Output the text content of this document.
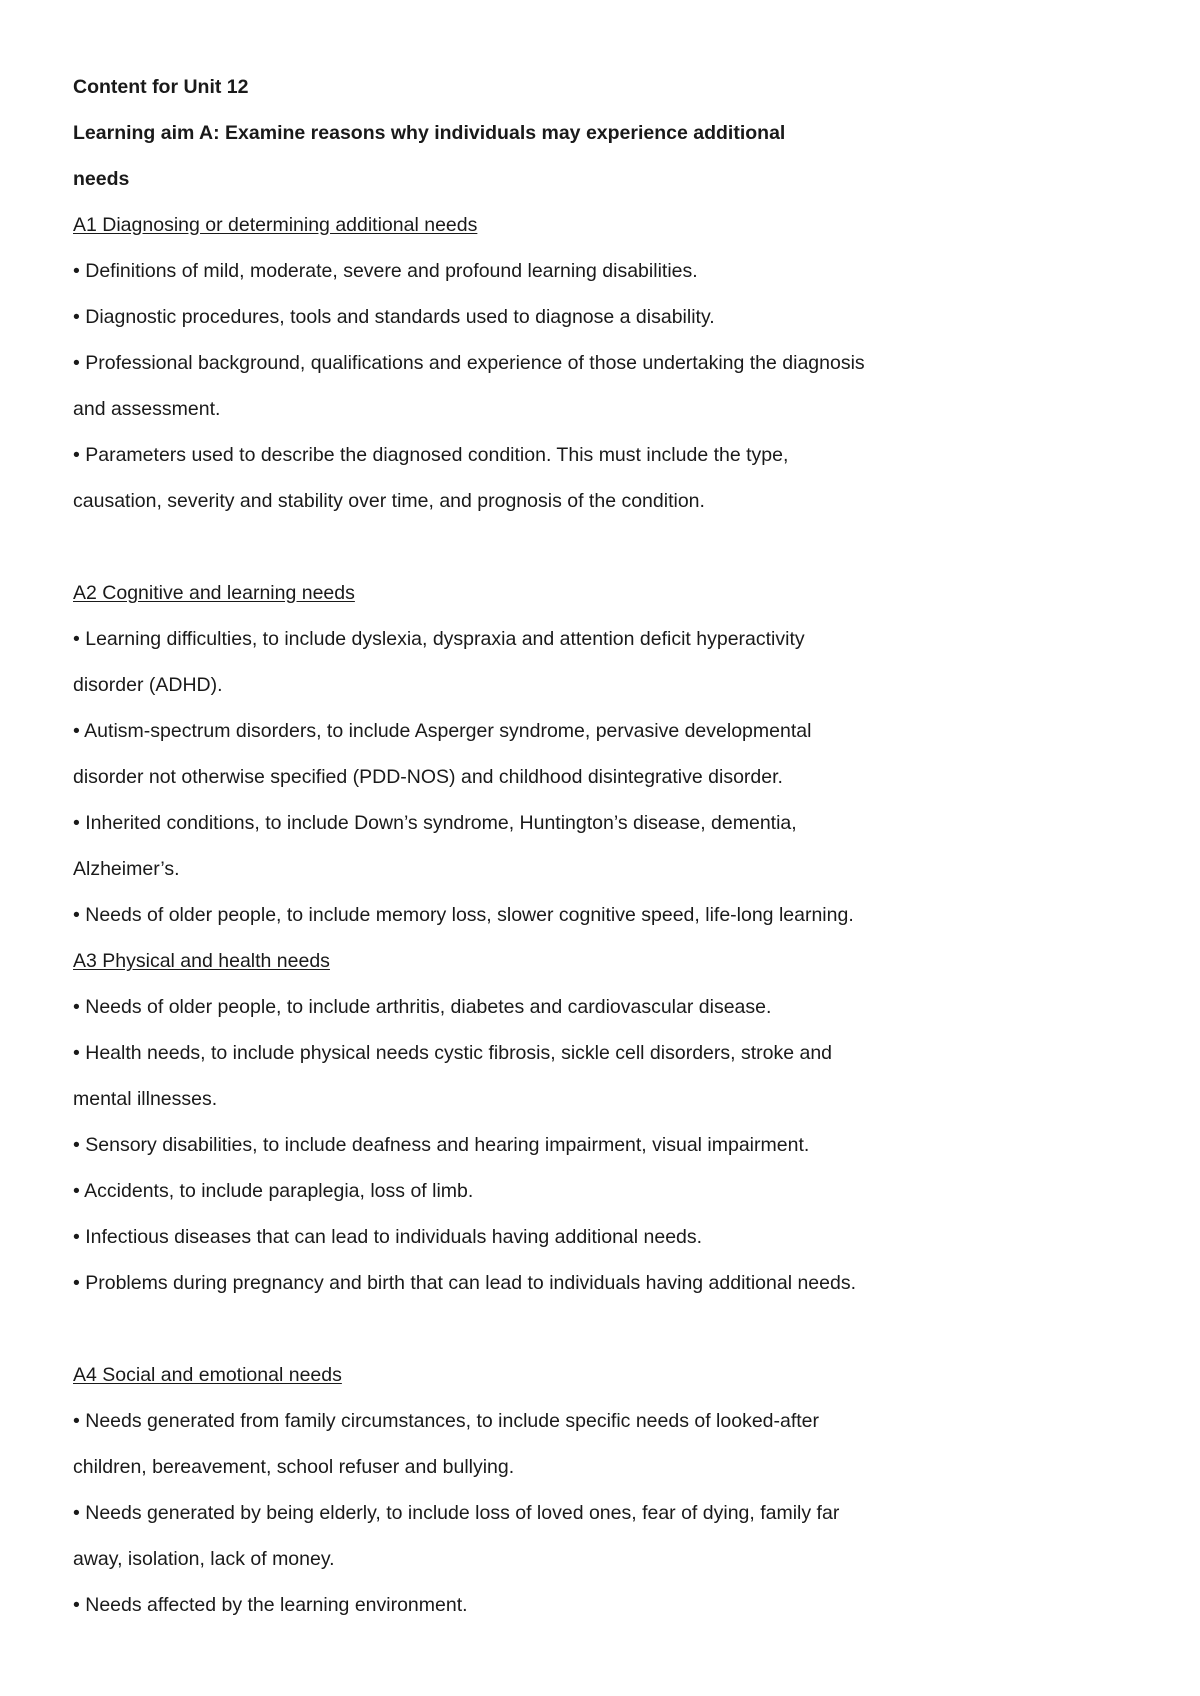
Content for Unit 12
Learning aim A: Examine reasons why individuals may experience additional
needs
A1 Diagnosing or determining additional needs
• Definitions of mild, moderate, severe and profound learning disabilities.
• Diagnostic procedures, tools and standards used to diagnose a disability.
• Professional background, qualifications and experience of those undertaking the diagnosis
and assessment.
• Parameters used to describe the diagnosed condition. This must include the type,
causation, severity and stability over time, and prognosis of the condition.
A2 Cognitive and learning needs
• Learning difficulties, to include dyslexia, dyspraxia and attention deficit hyperactivity
disorder (ADHD).
• Autism-spectrum disorders, to include Asperger syndrome, pervasive developmental
disorder not otherwise specified (PDD-NOS) and childhood disintegrative disorder.
• Inherited conditions, to include Down’s syndrome, Huntington’s disease, dementia,
Alzheimer’s.
• Needs of older people, to include memory loss, slower cognitive speed, life-long learning.
A3 Physical and health needs
• Needs of older people, to include arthritis, diabetes and cardiovascular disease.
• Health needs, to include physical needs cystic fibrosis, sickle cell disorders, stroke and
mental illnesses.
• Sensory disabilities, to include deafness and hearing impairment, visual impairment.
• Accidents, to include paraplegia, loss of limb.
• Infectious diseases that can lead to individuals having additional needs.
• Problems during pregnancy and birth that can lead to individuals having additional needs.
A4 Social and emotional needs
• Needs generated from family circumstances, to include specific needs of looked-after
children, bereavement, school refuser and bullying.
• Needs generated by being elderly, to include loss of loved ones, fear of dying, family far
away, isolation, lack of money.
• Needs affected by the learning environment.
